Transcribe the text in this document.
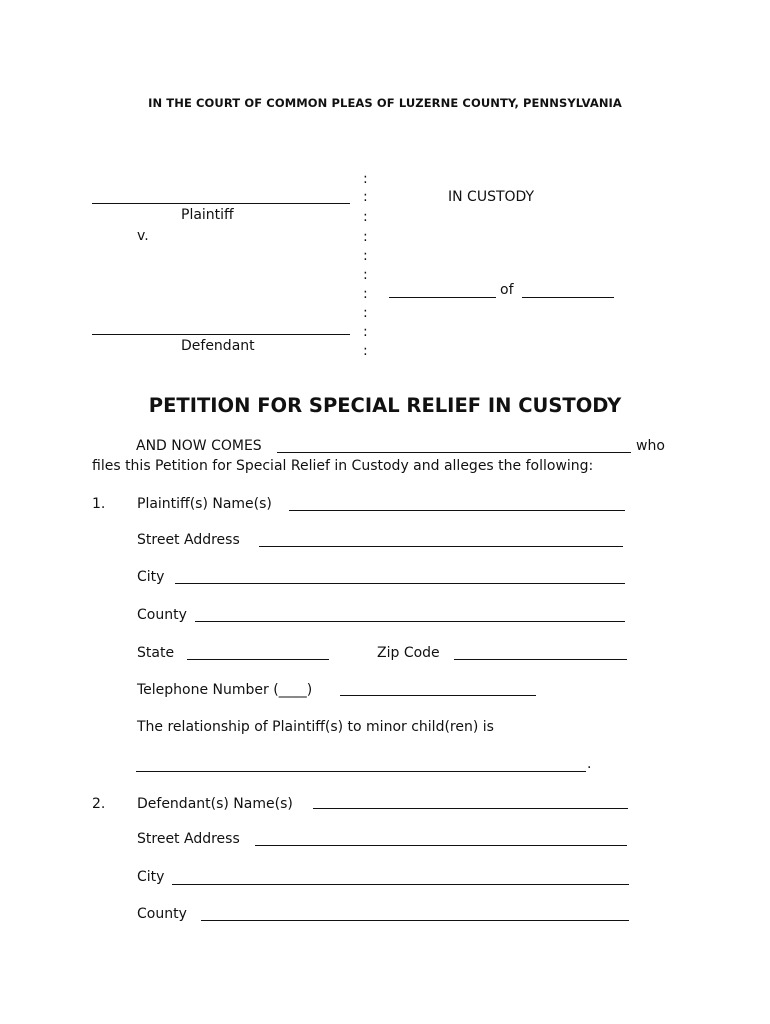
IN THE COURT OF COMMON PLEAS OF LUZERNE COUNTY, PENNSYLVANIA
Plaintiff
v.
Defendant
:
:
:
:
:
:
:
:
:
:
IN CUSTODY
of
PETITION FOR SPECIAL RELIEF IN CUSTODY
AND NOW COMES	who
files this Petition for Special Relief in Custody and alleges the following:
1. Plaintiff(s) Name(s)
Street Address
City
County
State	Zip Code
Telephone Number (____)
The relationship of Plaintiff(s) to minor child(ren) is
.
2. Defendant(s) Name(s)
Street Address
City
County
